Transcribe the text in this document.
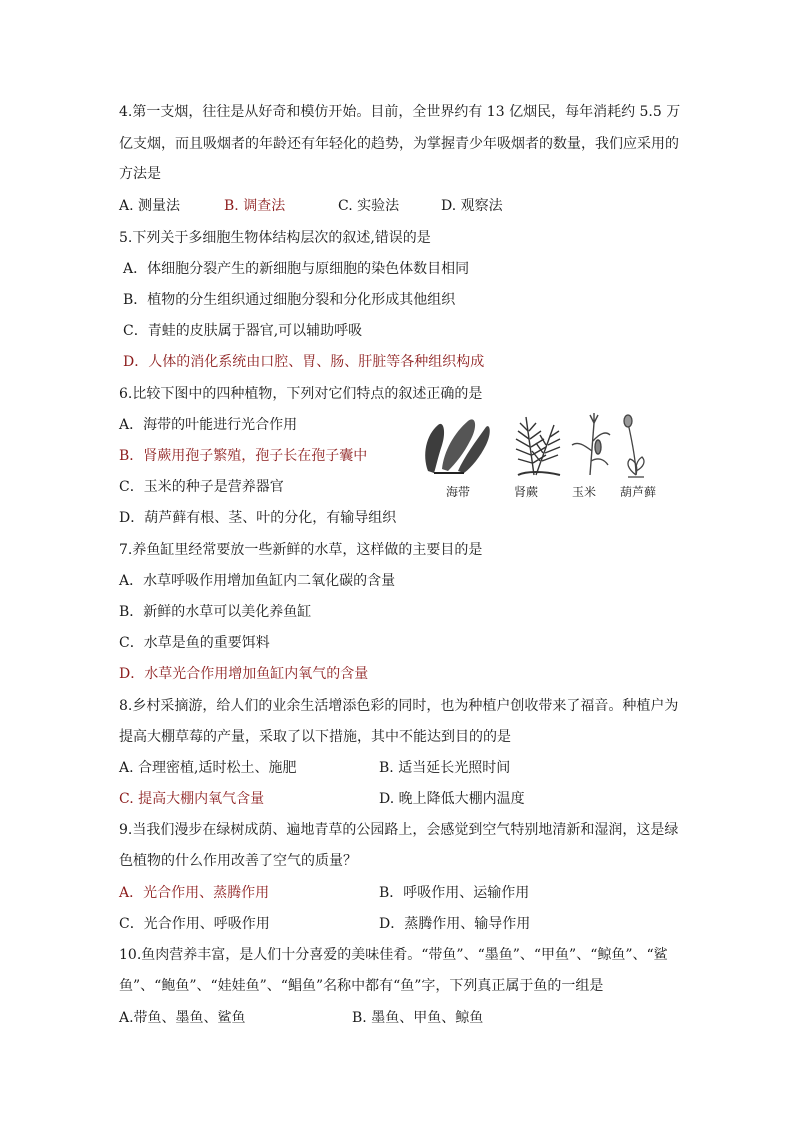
4.第一支烟，往往是从好奇和模仿开始。目前，全世界约有 13 亿烟民，每年消耗约 5.5 万
亿支烟，而且吸烟者的年龄还有年轻化的趋势，为掌握青少年吸烟者的数量，我们应采用的
方法是
A. 测量法	B. 调查法	C. 实验法	D. 观察法
5.下列关于多细胞生物体结构层次的叙述,错误的是
A．体细胞分裂产生的新细胞与原细胞的染色体数目相同
B．植物的分生组织通过细胞分裂和分化形成其他组织
C．青蛙的皮肤属于器官,可以辅助呼吸
D．人体的消化系统由口腔、胃、肠、肝脏等各种组织构成
6.比较下图中的四种植物，下列对它们特点的叙述正确的是
A．海带的叶能进行光合作用
B．肾蕨用孢子繁殖，孢子长在孢子囊中
C．玉米的种子是营养器官
D．葫芦藓有根、茎、叶的分化，有输导组织
海带	肾蕨	玉米 葫芦藓
7.养鱼缸里经常要放一些新鲜的水草，这样做的主要目的是
A．水草呼吸作用增加鱼缸内二氧化碳的含量
B．新鲜的水草可以美化养鱼缸
C．水草是鱼的重要饵料
D．水草光合作用增加鱼缸内氧气的含量
8.乡村采摘游，给人们的业余生活增添色彩的同时，也为种植户创收带来了福音。种植户为
提高大棚草莓的产量，采取了以下措施，其中不能达到目的的是
A. 合理密植,适时松土、施肥	B. 适当延长光照时间
C. 提高大棚内氧气含量	D. 晚上降低大棚内温度
9.当我们漫步在绿树成荫、遍地青草的公园路上，会感觉到空气特别地清新和湿润，这是绿
色植物的什么作用改善了空气的质量？
A．光合作用、蒸腾作用	B．呼吸作用、运输作用
C．光合作用、呼吸作用	D．蒸腾作用、输导作用
10.鱼肉营养丰富，是人们十分喜爱的美味佳肴。“带鱼”、“墨鱼”、“甲鱼”、“鲸鱼”、“鲨
鱼”、“鲍鱼”、“娃娃鱼”、“鲳鱼”名称中都有“鱼”字，下列真正属于鱼的一组是
A.带鱼、墨鱼、鲨鱼	B. 墨鱼、甲鱼、鲸鱼
